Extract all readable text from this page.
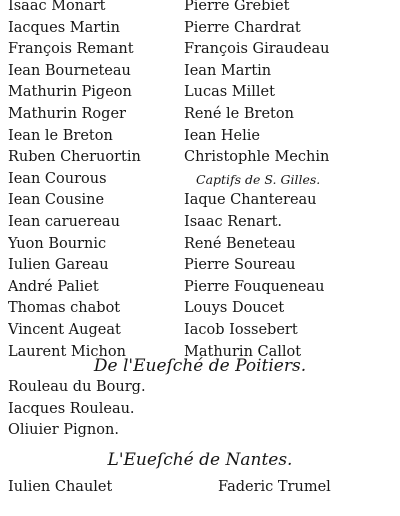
Isaac Monart
Iacques Martin
François Remant
Iean Bourneteau
Mathurin Pigeon
Mathurin Roger
Iean le Breton
Ruben Cheruortin
Iean Courous
Iean Cousine
Iean caruereau
Yuon Bournic
Iulien Gareau
André Paliet
Thomas chabot
Vincent Augeat
Laurent Michon
Pierre Grebiet
Pierre Chardrat
François Giraudeau
Iean Martin
Lucas Millet
René le Breton
Iean Helie
Christophle Mechin
Captifs de S. Gilles.
Iaque Chantereau
Isaac Renart.
René Beneteau
Pierre Soureau
Pierre Fouqueneau
Louys Doucet
Iacob Iossebert
Mathurin Callot
De l'Eueſché de Poitiers.
Rouleau du Bourg.
Iacques Rouleau.
Oliuier Pignon.
L'Eueſché de Nantes.
Iulien Chaulet	Faderic Trumel
